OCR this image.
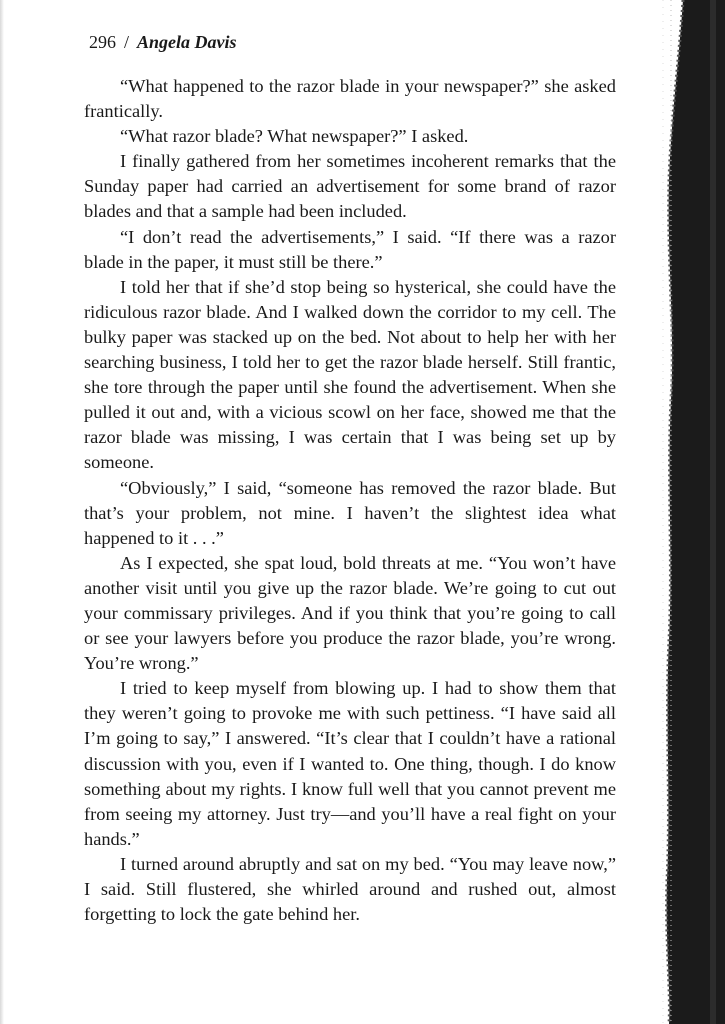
296 / Angela Davis

“What happened to the razor blade in your newspaper?” she asked frantically.

“What razor blade? What newspaper?” I asked.

I finally gathered from her sometimes incoherent remarks that the Sunday paper had carried an advertisement for some brand of razor blades and that a sample had been included.

“I don’t read the advertisements,” I said. “If there was a razor blade in the paper, it must still be there.”

I told her that if she’d stop being so hysterical, she could have the ridiculous razor blade. And I walked down the corridor to my cell. The bulky paper was stacked up on the bed. Not about to help her with her searching business, I told her to get the razor blade herself. Still frantic, she tore through the paper until she found the advertisement. When she pulled it out and, with a vicious scowl on her face, showed me that the razor blade was missing, I was certain that I was being set up by someone.

“Obviously,” I said, “someone has removed the razor blade. But that’s your problem, not mine. I haven’t the slightest idea what happened to it . . .”

As I expected, she spat loud, bold threats at me. “You won’t have another visit until you give up the razor blade. We’re going to cut out your commissary privileges. And if you think that you’re going to call or see your lawyers before you produce the razor blade, you’re wrong. You’re wrong.”

I tried to keep myself from blowing up. I had to show them that they weren’t going to provoke me with such pettiness. “I have said all I’m going to say,” I answered. “It’s clear that I couldn’t have a rational discussion with you, even if I wanted to. One thing, though. I do know something about my rights. I know full well that you cannot prevent me from seeing my attorney. Just try—and you’ll have a real fight on your hands.”

I turned around abruptly and sat on my bed. “You may leave now,” I said. Still flustered, she whirled around and rushed out, almost forgetting to lock the gate behind her.
